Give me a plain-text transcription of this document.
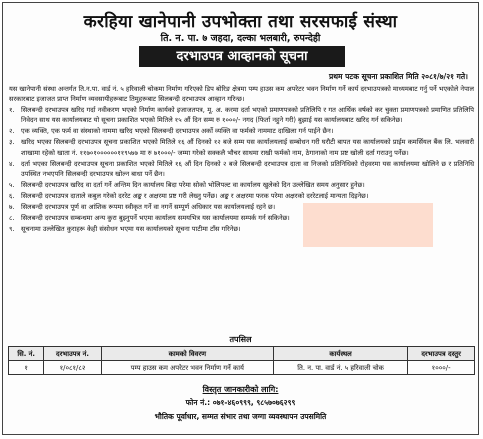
करहिया खानेपानी उपभोक्ता तथा सरसफाई संस्था
ति. न. पा. ७ जहदा, दल्का भलबारी, रुपन्देही
दरभाउपत्र आव्हानको सूचना
प्रथम पटक सूचना प्रकाशित मिति २०८१/७/२१ गते।

यस खानेपानी संस्था अन्तर्गत ति.न.पा. वार्ड नं. ५ हरिवाली चोकमा निर्माण गरिएको डिप बोरिङ क्षेत्रमा पम्प हाउस कम अपरेटर भवन निर्माण गर्ने कार्य दरभाउपत्रको माध्यमबाट गर्नु पर्ने भएकोले नेपाल सरकारबाट इजाजत प्राप्त निर्माण व्यवसायीहरूबाट तिमुहरूबाट सिलबन्दी दरभाउपत्र आव्हान गरिन्छ।

१. सिलबन्दी दरभाउपत्र खरिद गर्दा नवीकरण भएको निर्माण कार्यको इजाजतपत्र, मू. अ. करमा दर्ता भएको प्रमाणपत्रको प्रतिलिपि र गत आर्थिक वर्षको कर चुक्ता प्रमाणपत्रको प्रमाणित प्रतिलिपि निवेदन साथ यस कार्यालयबाट यो सूचना प्रकाशित भएको मितिले १५ औं दिन सम्म रु १०००/- नगद (फिर्ता नहुने गरी) बुझाई यस कार्यालयबाट खरिद गर्न सकिनेछ।
२. एक व्यक्ति, एक फर्म वा संस्थाको नाममा खरिद भएको सिलबन्दी दरभाउपत्र अर्को व्यक्ति वा फर्मको नाममाट दाखिला गर्न पाईने छैन।
३. खरिद भएका सिलबन्दी दरभाउपत्र सूचना प्रकाशित भएको मितिले १६ औं दिनको १२ बजे सम्म यस कार्यालयलाई सम्बोधन गरी घरौटी बापत यस कार्यालयको प्राईम कमर्सियल बैंक लि. भलवारी शाखामा रहेको खाता नं. ११७०१००००००११९५७७ मा रु ७१०००/- जम्मा गरेको सक्कलै भौचर साथमा राखी फर्मको नाम, ठेगानाको नाम प्रष्ट खोली दर्ता गराउनु पर्नेछ।
४. दर्ता भएका सिलबन्दी दरभाउपत्र सूचना प्रकाशित भएको मितिले १६ औं दिन दिनको २ बजे सिलबन्दी दरभाउपत्र दाता वा निजको प्रतिनिधिको रोहवरमा यस कार्यालयमा खोलिने छ र प्रतिनिधि उपस्थित नभएपनि सिलबन्दी दरभाउपत्र खोल्न बाधा पर्ने छैन।
५. सिलबन्दी दरभाउपत्र खरिद वा दर्ता गर्ने अन्तिम दिन कार्यालय बिदा परेमा सोको भोलिपल्ट वा कार्यालय खुलेको दिन उल्लेखित समय अनुसार हुनेछ।
६. सिलबन्दी दरभाउपत्र दाताले कबुल गरेको दररेट अङ्क र अक्षरमा प्रष्ट गरी लेख्नु पर्नेछ। अङ्क र अक्षरमा फरक परेमा अक्षरको दररेटलाई मान्यता दिइनेछ।
७. सिलबन्दी दरभाउपत्र पूर्ण वा आंशिक रूपमा स्वीकृत गर्ने वा नगर्ने सम्पूर्ण अधिकार यस कार्यालयलाई रहने छ।
८. सिलबन्दी दरभाउपत्र सम्बन्धमा अन्य कुरा बुझ्नुपर्ने भएमा कार्यालय समयभित्र यस कार्यालयमा सम्पर्क गर्न सकिनेछ।
९. सूचनामा उल्लेखित कुराहरू केही संसोधन भएमा यस कार्यालयको सूचना पाटीमा टाँस गरिनेछ।
तपसिल
सि. नं.	दरभाउपत्र नं.	कामको विवरण	कार्यस्थल	दरभाउपत्र दस्तुर
१	१/०८१/८२	पम्प हाउस कम अपरेटर भवन निर्माण गर्ने कार्य	ति. न. पा. वार्ड नं. ५ हरिवाली चोक	१०००/-
विस्तृत जानकारीको लागि:
फोन नं.: ०७१-४६०९९९, ९८५७०७६२९९
भौतिक पूर्वाधार, सम्मत संभार तथा जग्गा व्यवस्थापन उपसमिति
